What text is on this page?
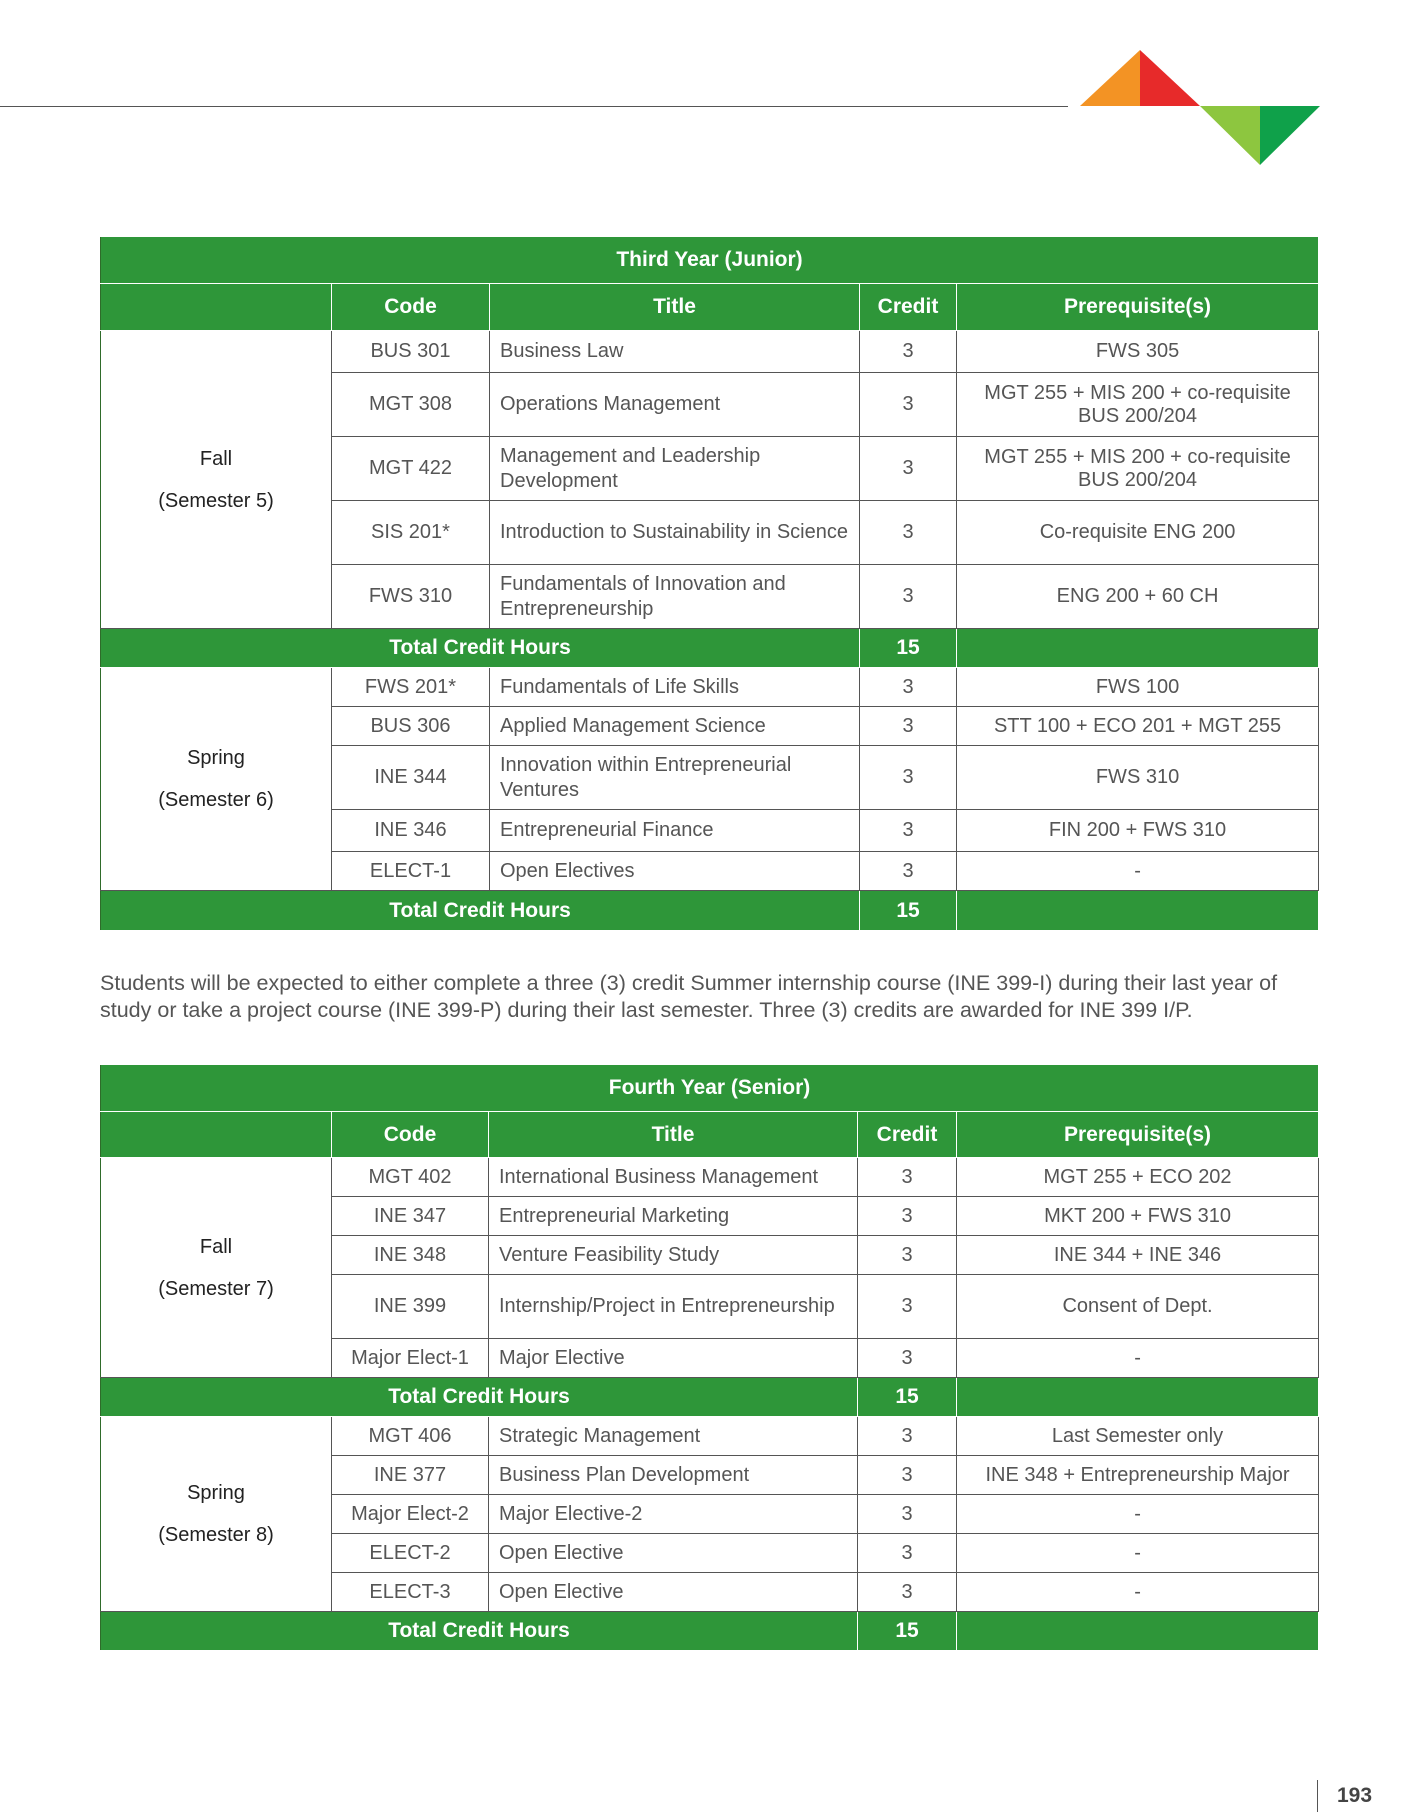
Third Year (Junior)				
	Code	Title	Credit	Prerequisite(s)

Fall
(Semester 5)	BUS 301	Business Law	3	FWS 305
	MGT 308	Operations Management	3	MGT 255 + MIS 200 + co-requisite BUS 200/204
	MGT 422	Management and Leadership Development	3	MGT 255 + MIS 200 + co-requisite BUS 200/204
	SIS 201*	Introduction to Sustainability in Science	3	Co-requisite ENG 200
	FWS 310	Fundamentals of Innovation and Entrepreneurship	3	ENG 200 + 60 CH
Total Credit Hours			15	

Spring
(Semester 6)	FWS 201*	Fundamentals of Life Skills	3	FWS 100
	BUS 306	Applied Management Science	3	STT 100 + ECO 201 + MGT 255
	INE 344	Innovation within Entrepreneurial Ventures	3	FWS 310
	INE 346	Entrepreneurial Finance	3	FIN 200 + FWS 310
	ELECT-1	Open Electives	3	-
Total Credit Hours			15	

Students will be expected to either complete a three (3) credit Summer internship course (INE 399-I) during their last year of study or take a project course (INE 399-P) during their last semester. Three (3) credits are awarded for INE 399 I/P.

Fourth Year (Senior)				
	Code	Title	Credit	Prerequisite(s)

Fall
(Semester 7)	MGT 402	International Business Management	3	MGT 255 + ECO 202
	INE 347	Entrepreneurial Marketing	3	MKT 200 + FWS 310
	INE 348	Venture Feasibility Study	3	INE 344 + INE 346
	INE 399	Internship/Project in Entrepreneurship	3	Consent of Dept.
	Major Elect-1	Major Elective	3	-
Total Credit Hours			15	

Spring
(Semester 8)	MGT 406	Strategic Management	3	Last Semester only
	INE 377	Business Plan Development	3	INE 348 + Entrepreneurship Major
	Major Elect-2	Major Elective-2	3	-
	ELECT-2	Open Elective	3	-
	ELECT-3	Open Elective	3	-
Total Credit Hours			15	
193
